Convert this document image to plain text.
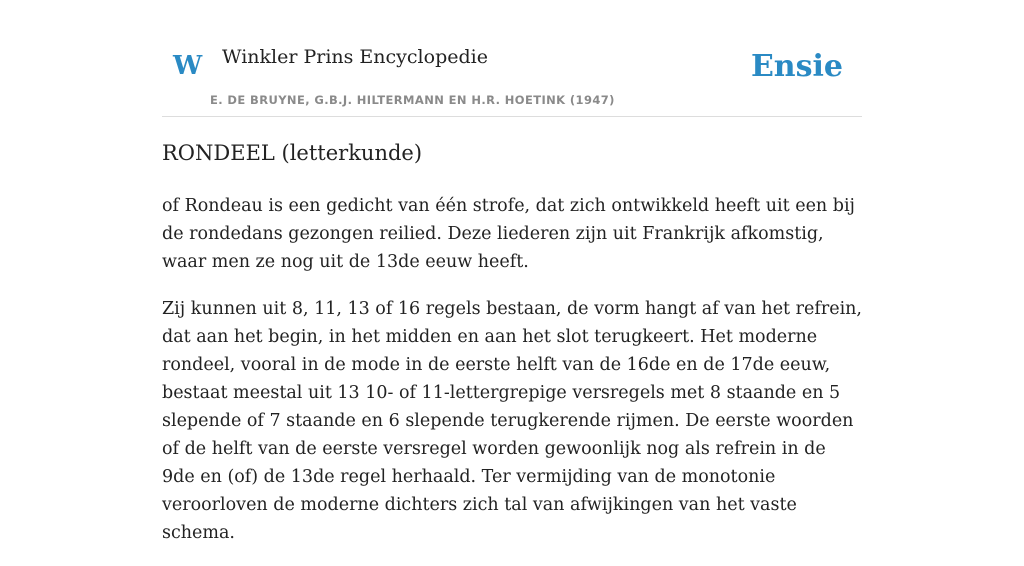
W Winkler Prins Encyclopedie
E. DE BRUYNE, G.B.J. HILTERMANN EN H.R. HOETINK (1947)
Ensie
RONDEEL (letterkunde)

of Rondeau is een gedicht van één strofe, dat zich ontwikkeld heeft uit een bij de rondedans gezongen reilied. Deze liederen zijn uit Frankrijk afkomstig, waar men ze nog uit de 13de eeuw heeft.

Zij kunnen uit 8, 11, 13 of 16 regels bestaan, de vorm hangt af van het refrein, dat aan het begin, in het midden en aan het slot terugkeert. Het moderne rondeel, vooral in de mode in de eerste helft van de 16de en de 17de eeuw, bestaat meestal uit 13 10- of 11-lettergrepige versregels met 8 staande en 5 slepende of 7 staande en 6 slepende terugkerende rijmen. De eerste woorden of de helft van de eerste versregel worden gewoonlijk nog als refrein in de 9de en (of) de 13de regel herhaald. Ter vermijding van de monotonie veroorloven de moderne dichters zich tal van afwijkingen van het vaste schema.
